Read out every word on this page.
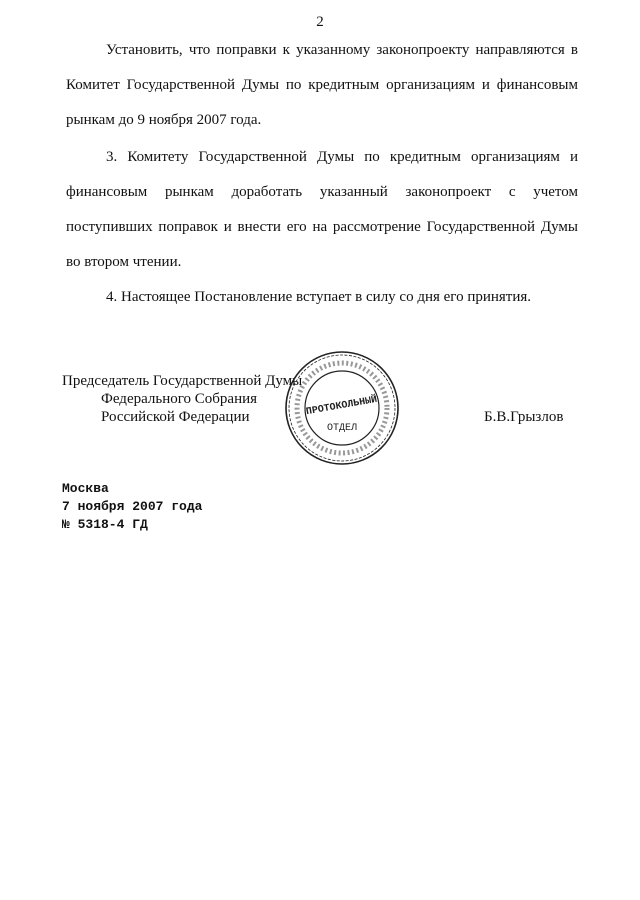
2

Установить, что поправки к указанному законопроекту направляются в Комитет Государственной Думы по кредитным организациям и финансовым рынкам до 9 ноября 2007 года.

3. Комитету Государственной Думы по кредитным организациям и финансовым рынкам доработать указанный законопроект с учетом поступивших поправок и внести его на рассмотрение Государственной Думы во втором чтении.

4. Настоящее Постановление вступает в силу со дня его принятия.

Председатель Государственной Думы
Федерального Собрания
Российской Федерации	Б.В.Грызлов
ПРОТОКОЛЬНЫЙ
ОТДЕЛ
Москва
7 ноября 2007 года
№ 5318-4 ГД
